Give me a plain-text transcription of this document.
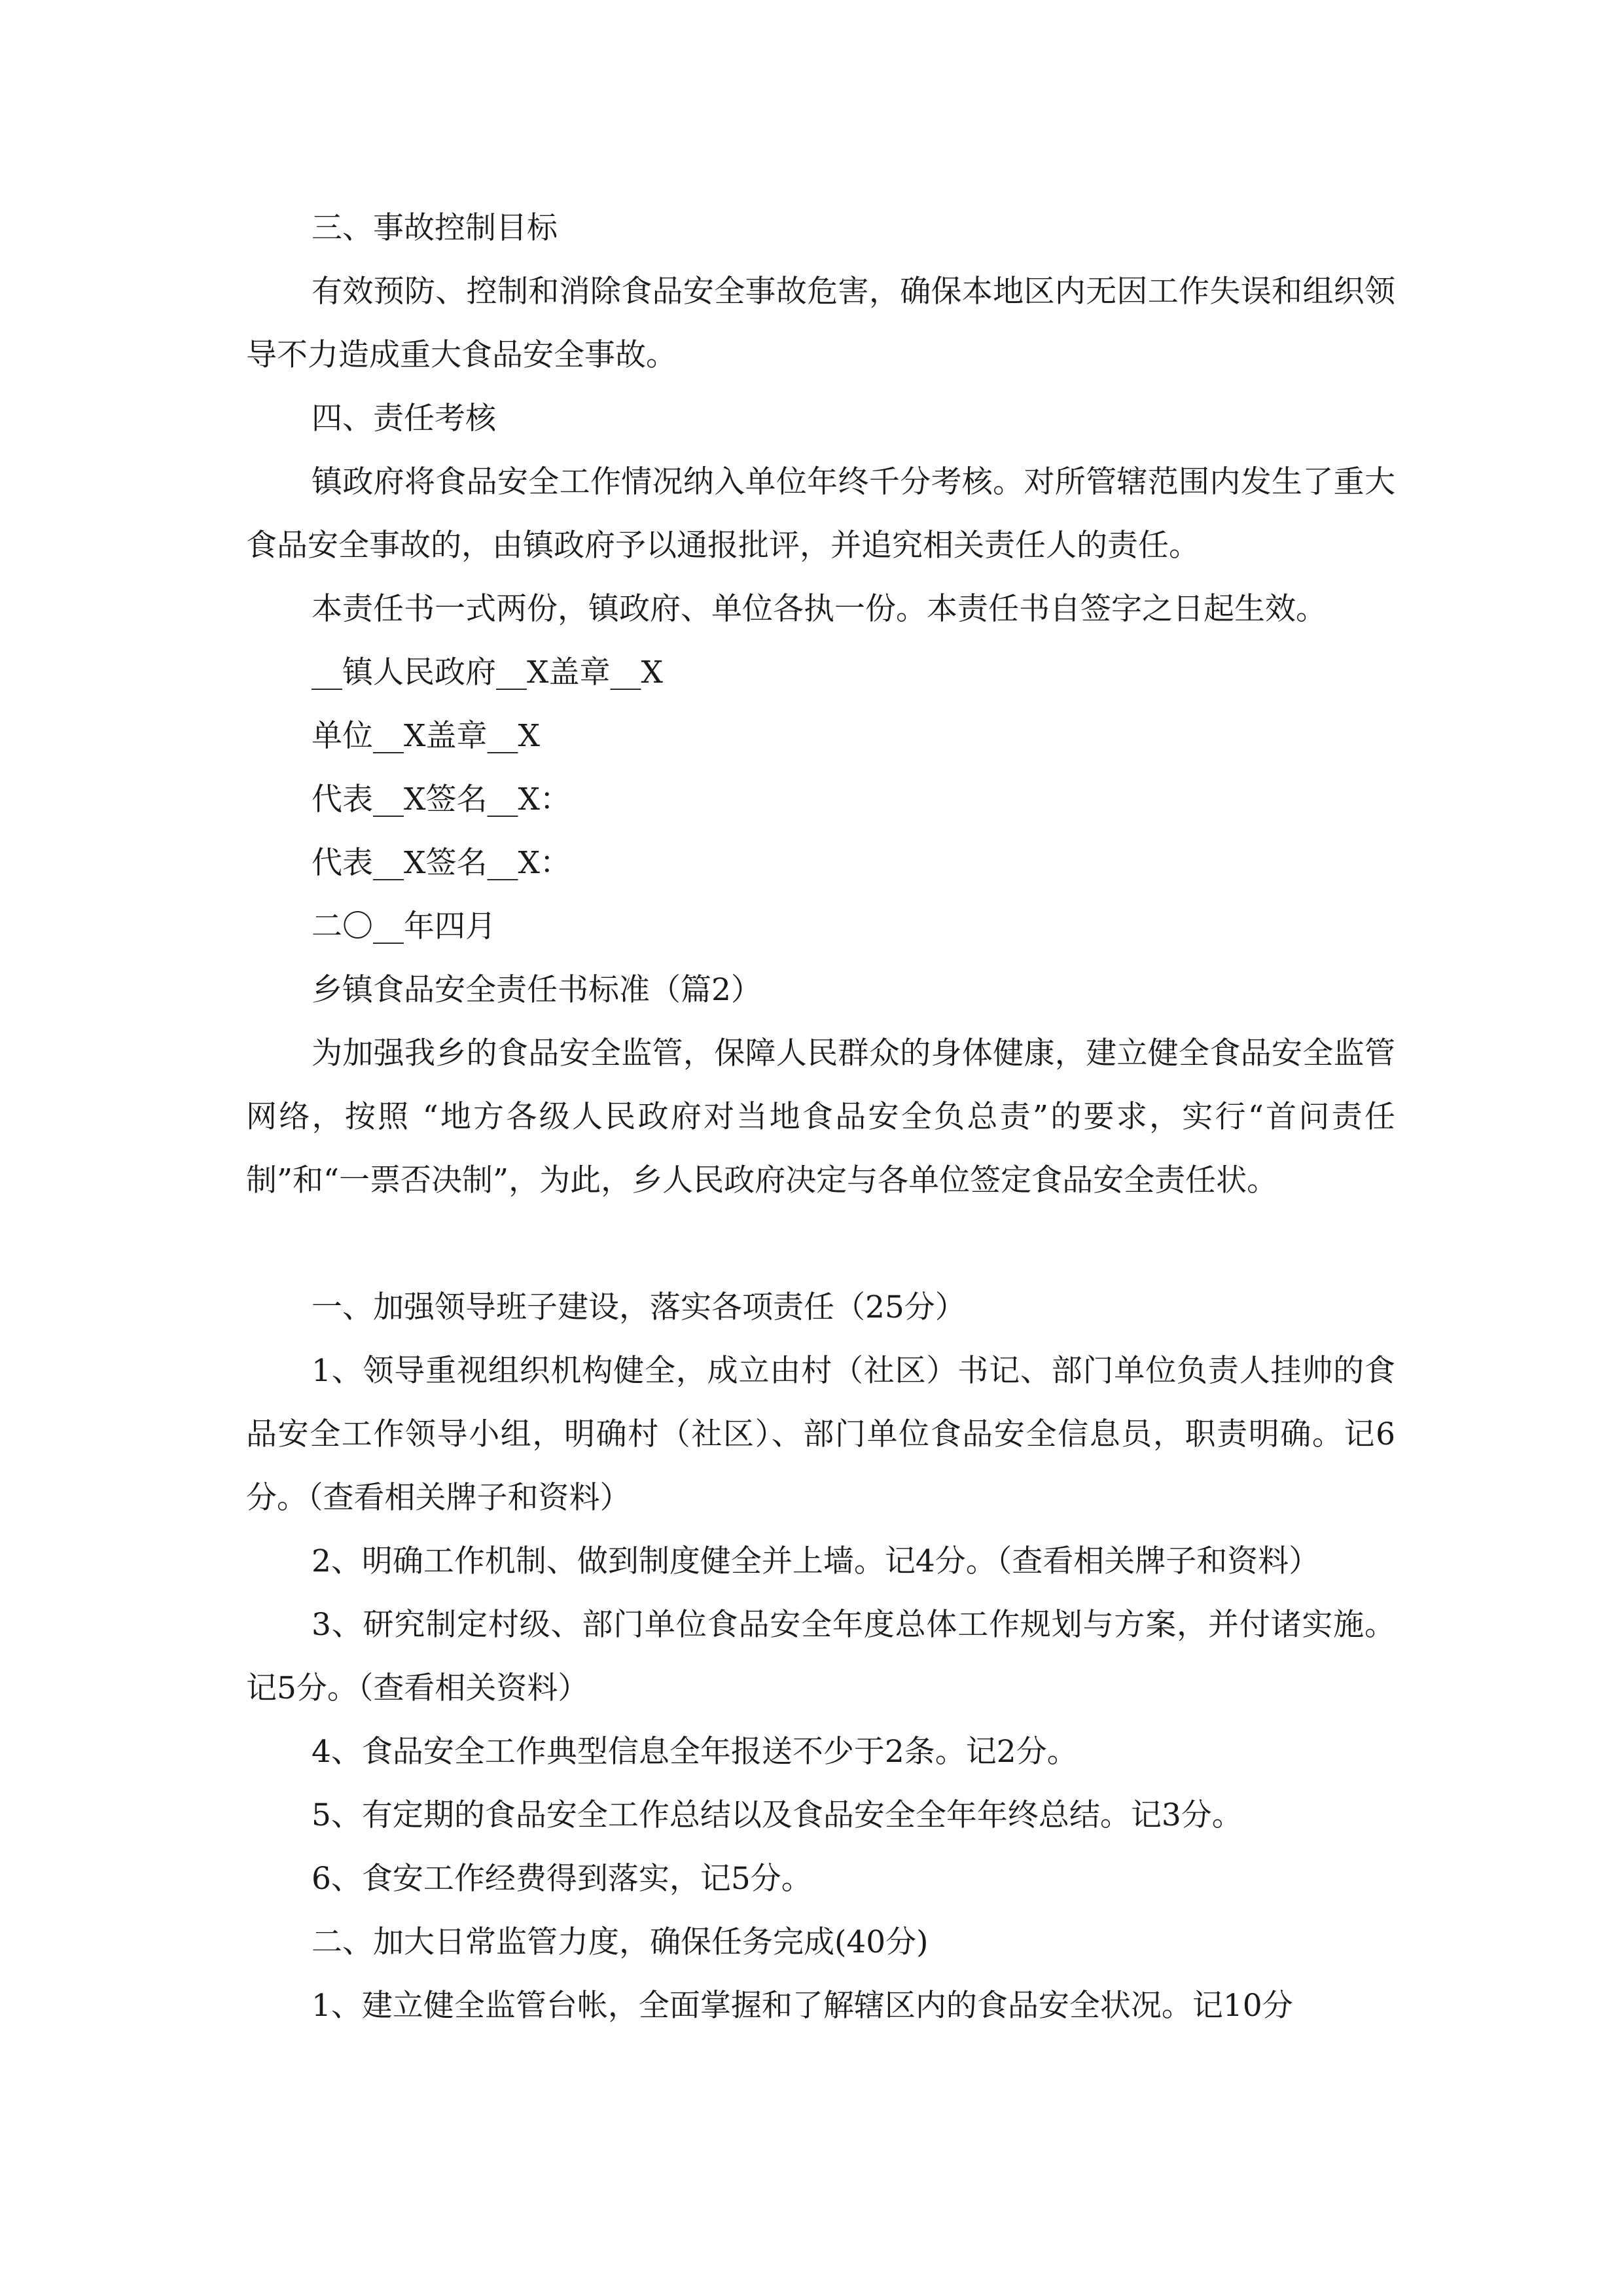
三、事故控制目标

有效预防、控制和消除食品安全事故危害，确保本地区内无因工作失误和组织领导不力造成重大食品安全事故。

四、责任考核

镇政府将食品安全工作情况纳入单位年终千分考核。对所管辖范围内发生了重大食品安全事故的，由镇政府予以通报批评，并追究相关责任人的责任。

本责任书一式两份，镇政府、单位各执一份。本责任书自签字之日起生效。

__镇人民政府__X盖章__X

单位__X盖章__X

代表__X签名__X：

代表__X签名__X：

二〇__年四月

乡镇食品安全责任书标准（篇2）

为加强我乡的食品安全监管，保障人民群众的身体健康，建立健全食品安全监管网络，按照 “地方各级人民政府对当地食品安全负总责”的要求，实行“首问责任制”和“一票否决制”，为此，乡人民政府决定与各单位签定食品安全责任状。

一、加强领导班子建设，落实各项责任（25分）

1、领导重视组织机构健全，成立由村（社区）书记、部门单位负责人挂帅的食品安全工作领导小组，明确村（社区）、部门单位食品安全信息员，职责明确。记6分。（查看相关牌子和资料）

2、明确工作机制、做到制度健全并上墙。记4分。（查看相关牌子和资料）

3、研究制定村级、部门单位食品安全年度总体工作规划与方案，并付诸实施。记5分。（查看相关资料）

4、食品安全工作典型信息全年报送不少于2条。记2分。

5、有定期的食品安全工作总结以及食品安全全年年终总结。记3分。

6、食安工作经费得到落实，记5分。

二、加大日常监管力度，确保任务完成(40分)

1、建立健全监管台帐，全面掌握和了解辖区内的食品安全状况。记10分
